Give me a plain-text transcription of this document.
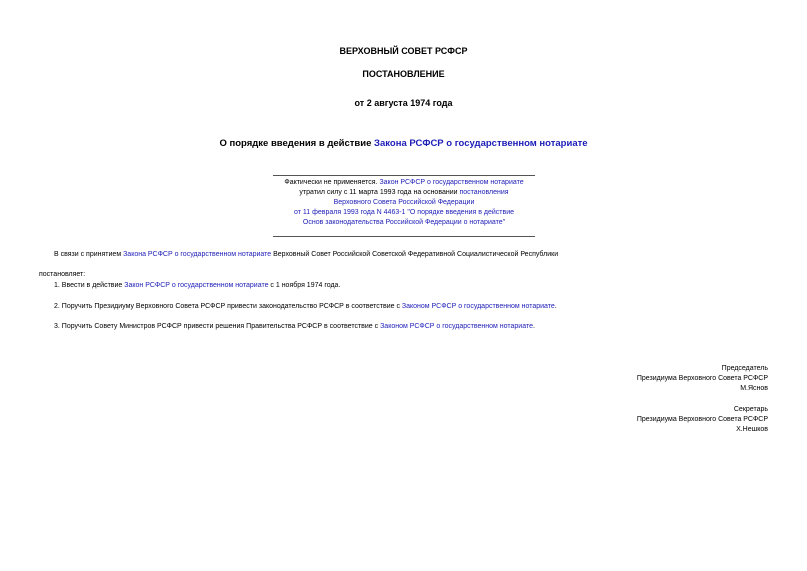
ВЕРХОВНЫЙ СОВЕТ РСФСР
ПОСТАНОВЛЕНИЕ
от 2 августа 1974 года
О порядке введения в действие Закона РСФСР о государственном нотариате
Фактически не применяется. Закон РСФСР о государственном нотариате
утратил силу с 11 марта 1993 года на основании постановления
Верховного Совета Российской Федерации
от 11 февраля 1993 года N 4463-1 "О порядке введения в действие
Основ законодательства Российской Федерации о нотариате"
В связи с принятием Закона РСФСР о государственном нотариате Верховный Совет Российской Советской Федеративной Социалистической Республики
постановляет:
1. Ввести в действие Закон РСФСР о государственном нотариате с 1 ноября 1974 года.
2. Поручить Президиуму Верховного Совета РСФСР привести законодательство РСФСР в соответствие с Законом РСФСР о государственном нотариате.
3. Поручить Совету Министров РСФСР привести решения Правительства РСФСР в соответствие с Законом РСФСР о государственном нотариате.
Председатель
Президиума Верховного Совета РСФСР
М.Яснов
Секретарь
Президиума Верховного Совета РСФСР
Х.Нешков
